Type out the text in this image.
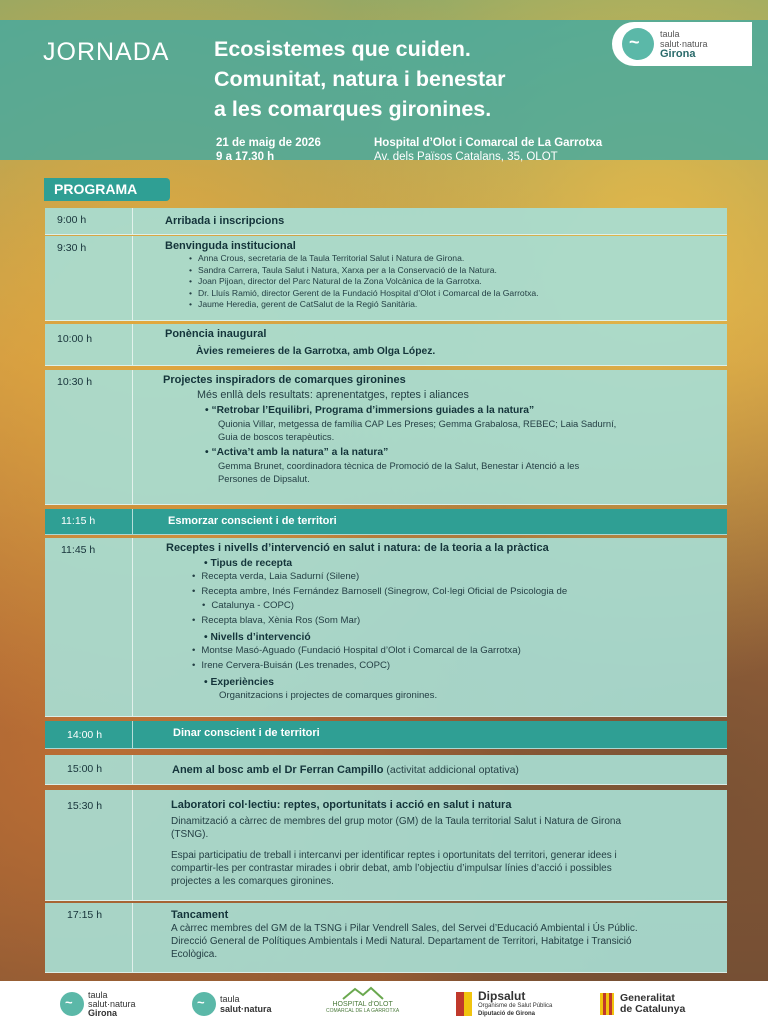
JORNADA Ecosistemes que cuiden.
Comunitat, natura i benestar
a les comarques gironines.
21 de maig de 2026
9 a 17.30 h
Hospital d’Olot i Comarcal de La Garrotxa
Av. dels Països Catalans, 35, OLOT
~ taula
salut·natura
Girona
PROGRAMA
9:00 h	Arribada i inscripcions
9:30 h	Benvinguda institucional
• Anna Crous, secretaria de la Taula Territorial Salut i Natura de Girona.
• Sandra Carrera, Taula Salut i Natura, Xarxa per a la Conservació de la Natura.
• Joan Pijoan, director del Parc Natural de la Zona Volcànica de la Garrotxa.
• Dr. Lluís Ramió, director Gerent de la Fundació Hospital d’Olot i Comarcal de la Garrotxa.
• Jaume Heredia, gerent de CatSalut de la Regió Sanitària.
10:00 h	Ponència inaugural
Àvies remeieres de la Garrotxa, amb Olga López.
10:30 h	Projectes inspiradors de comarques gironines
Més enllà dels resultats: aprenentatges, reptes i aliances
• “Retrobar l’Equilibri, Programa d’immersions guiades a la natura”
Quionia Villar, metgessa de família CAP Les Preses; Gemma Grabalosa, REBEC; Laia Sadurní,
Guia de boscos terapèutics.
• “Activa’t amb la natura” a la natura”
Gemma Brunet, coordinadora tècnica de Promoció de la Salut, Benestar i Atenció a les
Persones de Dipsalut.
11:15 h	Esmorzar conscient i de territori
11:45 h	Receptes i nivells d’intervenció en salut i natura: de la teoria a la pràctica
• Tipus de recepta
• Recepta verda, Laia Sadurní (Silene)
• Recepta ambre, Inés Fernández Barnosell (Sinegrow, Col·legi Oficial de Psicologia de
• Catalunya - COPC)
• Recepta blava, Xènia Ros (Som Mar)
• Nivells d’intervenció
• Montse Masó-Aguado (Fundació Hospital d’Olot i Comarcal de la Garrotxa)
• Irene Cervera-Buisán (Les trenades, COPC)
• Experiències
Organitzacions i projectes de comarques gironines.
14:00 h	Dinar conscient i de territori
15:00 h	Anem al bosc amb el Dr Ferran Campillo (activitat addicional optativa)
15:30 h	Laboratori col·lectiu: reptes, oportunitats i acció en salut i natura
Dinamització a càrrec de membres del grup motor (GM) de la Taula territorial Salut i Natura de Girona
(TSNG).
Espai participatiu de treball i intercanvi per identificar reptes i oportunitats del territori, generar idees i
compartir-les per contrastar mirades i obrir debat, amb l’objectiu d’impulsar línies d’acció i possibles
projectes a les comarques gironines.
17:15 h	Tancament
A càrrec membres del GM de la TSNG i Pilar Vendrell Sales, del Servei d’Educació Ambiental i Ús Públic.
Direcció General de Polítiques Ambientals i Medi Natural. Departament de Territori, Habitatge i Transició
Ecològica.
~
taula
salut·natura
Girona
~ taula
salut·natura	HOSPITAL d’OLOT
COMARCAL DE LA GARROTXA
Dipsalut
Organisme de Salut Pública
Diputació de Girona
Generalitat
de Catalunya
